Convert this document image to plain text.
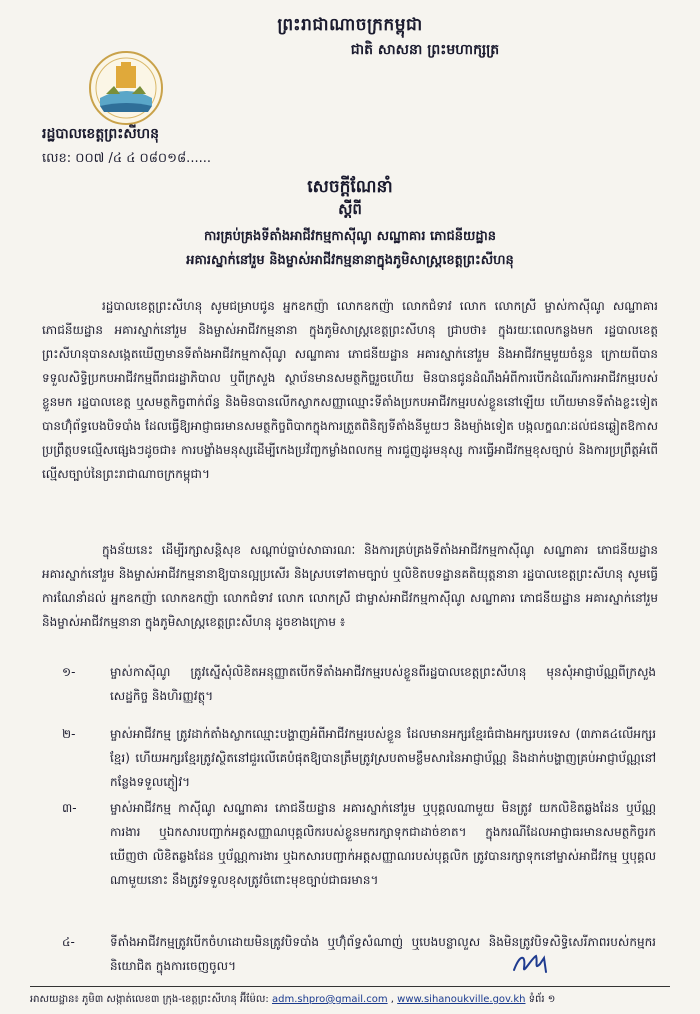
ព្រះរាជាណាចក្រកម្ពុជា
ជាតិ សាសនា ព្រះមហាក្សត្រ
រដ្ឋបាលខេត្តព្រះសីហនុ
លេខ: ០០៧ /៤ ៤ ០៨០១៨......
សេចក្តីណែនាំ
ស្តីពី
ការគ្រប់គ្រងទីតាំងអាជីវកម្មកាស៊ីណូ សណ្ឋាគារ ភោជនីយដ្ឋាន
អគារស្នាក់នៅរួម និងម្ចាស់អាជីវកម្មនានាក្នុងភូមិសាស្ត្រខេត្តព្រះសីហនុ
រដ្ឋបាលខេត្តព្រះសីហនុ សូមជម្រាបជូន អ្នកឧកញ៉ា លោកឧកញ៉ា លោកជំទាវ លោក លោកស្រី ម្ចាស់កាស៊ីណូ សណ្ឋាគារ ភោជនីយដ្ឋាន អគារស្នាក់នៅរួម និងម្ចាស់អាជីវកម្មនានា ក្នុងភូមិសាស្ត្រខេត្តព្រះសីហនុ ជ្រាបថា៖ ក្នុងរយៈពេលកន្លងមក រដ្ឋបាលខេត្តព្រះសីហនុបានសង្កេតឃើញមានទីតាំងអាជីវកម្មកាស៊ីណូ សណ្ឋាគារ ភោជនីយដ្ឋាន អគារស្នាក់នៅរួម និងអាជីវកម្មមួយចំនួន ក្រោយពីបានទទួលសិទ្ធិប្រកបអាជីវកម្មពីរាជរដ្ឋាភិបាល ឬពីក្រសួង ស្ថាប័នមានសមត្ថកិច្ចរួចហើយ មិនបានជូនដំណឹងអំពីការបើកដំណើរការអាជីវកម្មរបស់ខ្លួនមក រដ្ឋបាលខេត្ត ឬសមត្ថកិច្ចពាក់ព័ន្ធ និងមិនបានលើកស្លាកសញ្ញាឈ្មោះទីតាំងប្រកបអាជីវកម្មរបស់ខ្លួននៅឡើយ ហើយមានទីតាំងខ្លះទៀតបានហ៊ុំព័ទ្ធបេងបិទបាំង ដែលធ្វើឱ្យអាជ្ញាធរមានសមត្ថកិច្ចពិបាកក្នុងការត្រួតពិនិត្យទីតាំងនីមួយៗ និងម្យ៉ាងទៀត បង្កលក្ខណៈដល់ជនឆ្លៀតឱកាសប្រព្រឹត្តបទល្មើសផ្សេងៗដូចជា៖ ការបង្ខាំងមនុស្សដើម្បីកេងប្រវ័ញ្ចកម្លាំងពលកម្ម ការជួញដូរមនុស្ស ការធ្វើអាជីវកម្មខុសច្បាប់ និងការប្រព្រឹត្តអំពើល្មើសច្បាប់នៃព្រះរាជាណាចក្រកម្ពុជា។
ក្នុងន័យនេះ ដើម្បីរក្សាសន្តិសុខ សណ្តាប់ធ្នាប់សាធារណៈ និងការគ្រប់គ្រងទីតាំងអាជីវកម្មកាស៊ីណូ សណ្ឋាគារ ភោជនីយដ្ឋាន អគារស្នាក់នៅរួម និងម្ចាស់អាជីវកម្មនានាឱ្យបានល្អប្រសើរ និងស្របទៅតាមច្បាប់ ឬលិខិតបទដ្ឋានគតិយុត្តនានា រដ្ឋបាលខេត្តព្រះសីហនុ សូមធ្វើការណែនាំដល់ អ្នកឧកញ៉ា លោកឧកញ៉ា លោកជំទាវ លោក លោកស្រី ជាម្ចាស់អាជីវកម្មកាស៊ីណូ សណ្ឋាគារ ភោជនីយដ្ឋាន អគារស្នាក់នៅរួម និងម្ចាស់អាជីវកម្មនានា ក្នុងភូមិសាស្ត្រខេត្តព្រះសីហនុ ដូចខាងក្រោម ៖
១-	ម្ចាស់កាស៊ីណូ ត្រូវស្នើសុំលិខិតអនុញ្ញាតបើកទីតាំងអាជីវកម្មរបស់ខ្លួនពីរដ្ឋបាលខេត្តព្រះសីហនុ មុនសុំអាជ្ញាប័ណ្ណពីក្រសួងសេដ្ឋកិច្ច និងហិរញ្ញវត្ថុ។
២-	ម្ចាស់អាជីវកម្ម ត្រូវដាក់តាំងស្លាកឈ្មោះបង្ហាញអំពីអាជីវកម្មរបស់ខ្លួន ដែលមានអក្សរខ្មែរធំជាងអក្សរបរទេស (៣ភាគ៤លើអក្សរខ្មែរ) ហើយអក្សរខ្មែរត្រូវស្ថិតនៅជួរលើគេបំផុតឱ្យបានត្រឹមត្រូវស្របតាមខ្លឹមសារនៃអាជ្ញាប័ណ្ណ និងដាក់បង្ហាញគ្រប់អាជ្ញាប័ណ្ណនៅកន្លែងទទួលភ្ញៀវ។
៣-	ម្ចាស់អាជីវកម្ម កាស៊ីណូ សណ្ឋាគារ ភោជនីយដ្ឋាន អគារស្នាក់នៅរួម ឬបុគ្គលណាមួយ មិនត្រូវ យកលិខិតឆ្លងដែន ឬប័ណ្ណការងារ ឬឯកសារបញ្ជាក់អត្តសញ្ញាណបុគ្គលិករបស់ខ្លួនមករក្សាទុកជាដាច់ខាត។ ក្នុងករណីដែលអាជ្ញាធរមានសមត្ថកិច្ចរកឃើញថា លិខិតឆ្លងដែន ឬប័ណ្ណការងារ ឬឯកសារបញ្ជាក់អត្តសញ្ញាណរបស់បុគ្គលិក ត្រូវបានរក្សាទុកនៅម្ចាស់អាជីវកម្ម ឬបុគ្គលណាមួយនោះ នឹងត្រូវទទួលខុសត្រូវចំពោះមុខច្បាប់ជាធរមាន។
៤-	ទីតាំងអាជីវកម្មត្រូវបើកចំហដោយមិនត្រូវបិទបាំង ឬហ៊ុំព័ទ្ធសំណាញ់ ឬបេងបន្លាលួស និងមិនត្រូវបិទសិទ្ធិសេរីភាពរបស់កម្មករ និយោជិត ក្នុងការចេញចូល។
អាសយដ្ឋាន៖ ភូមិ៣ សង្កាត់លេខ៣ ក្រុង-ខេត្តព្រះសីហនុ អ៊ីម៉ែល: adm.shpro@gmail.com , www.sihanoukville.gov.kh ទំព័រ ១
